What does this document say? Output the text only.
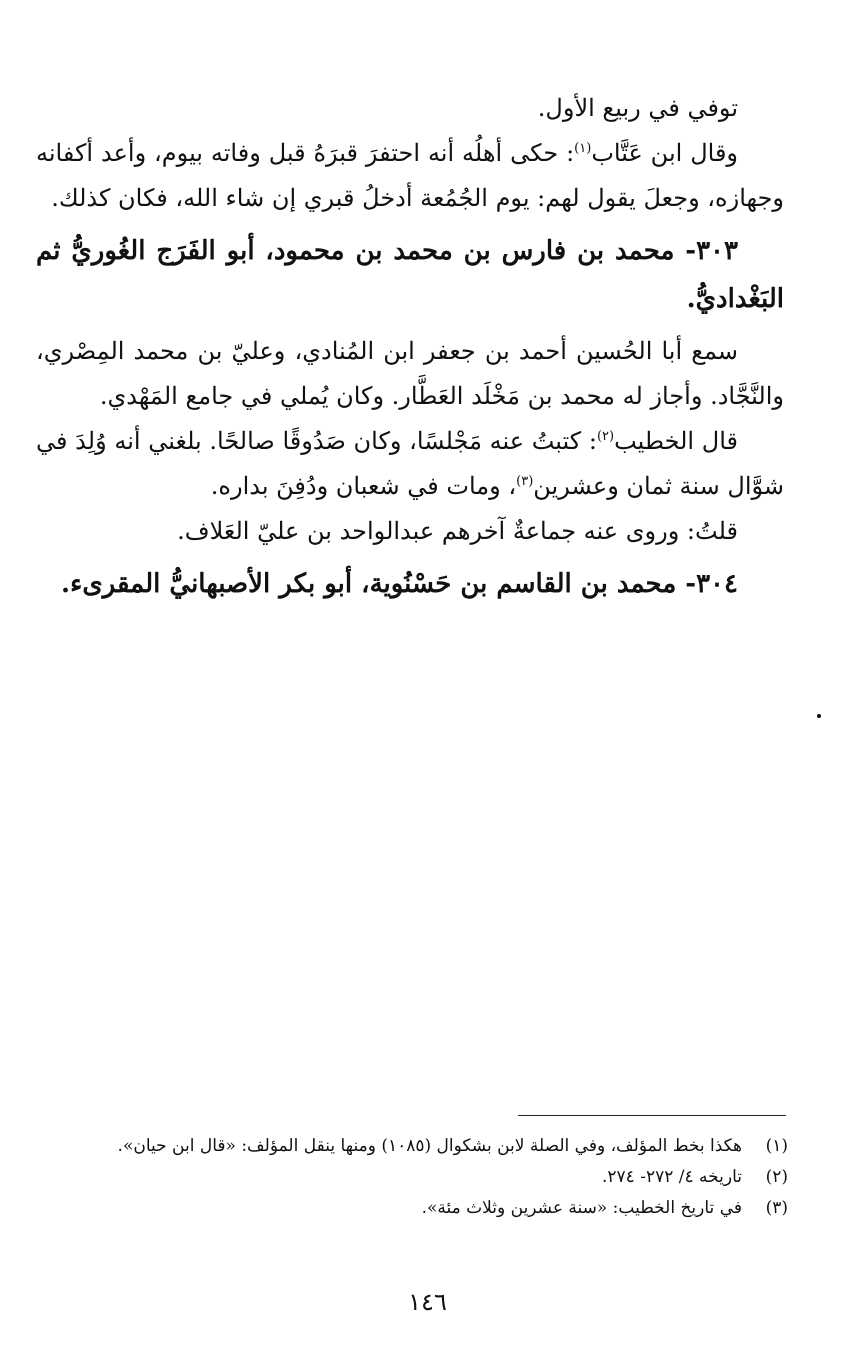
توفي في ربيع الأول.

وقال ابن عَتَّاب$^{(١)}$: حكى أهلُه أنه احتفرَ قبرَهُ قبل وفاته بيوم، وأعد أكفانه وجهازه، وجعلَ يقول لهم: يوم الجُمُعة أدخلُ قبري إن شاء الله، فكان كذلك.

٣٠٣- محمد بن فارس بن محمد بن محمود، أبو الفَرَج الغُوريُّ ثم البَغْداديُّ.

سمع أبا الحُسين أحمد بن جعفر ابن المُنادي، وعليّ بن محمد المِصْري، والنَّجَّاد. وأجاز له محمد بن مَخْلَد العَطَّار. وكان يُملي في جامع المَهْدي.

قال الخطيب$^{(٢)}$: كتبتُ عنه مَجْلسًا، وكان صَدُوقًا صالحًا. بلغني أنه وُلِدَ في شوَّال سنة ثمان وعشرين$^{(٣)}$، ومات في شعبان ودُفِنَ بداره.

قلتُ: وروى عنه جماعةٌ آخرهم عبدالواحد بن عليّ العَلاف.

٣٠٤- محمد بن القاسم بن حَسْنُوية، أبو بكر الأصبهانيُّ المقرىء.

(١)
هكذا بخط المؤلف، وفي الصلة لابن بشكوال (١٠٨٥) ومنها ينقل المؤلف: «قال ابن حيان».
(٢)
تاريخه ٤/ ٢٧٢- ٢٧٤.
(٣)
في تاريخ الخطيب: «سنة عشرين وثلاث مئة».
١٤٦
